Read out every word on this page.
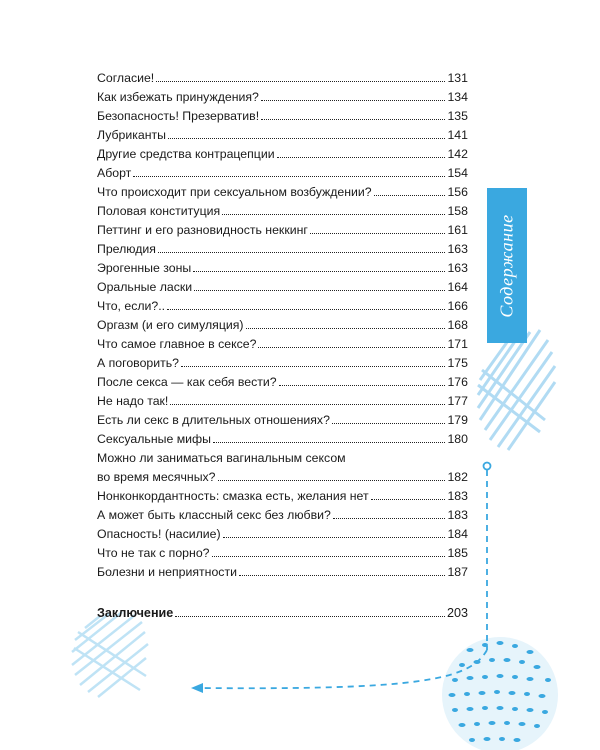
Содержание
Согласие!	131
Как избежать принуждения?	134
Безопасность! Презерватив!	135
Лубриканты	141
Другие средства контрацепции	142
Аборт	154
Что происходит при сексуальном возбуждении?	156
Половая конституция	158
Петтинг и его разновидность неккинг	161
Прелюдия	163
Эрогенные зоны	163
Оральные ласки	164
Что, если?..	166
Оргазм (и его симуляция)	168
Что самое главное в сексе?	171
А поговорить?	175
После секса — как себя вести?	176
Не надо так!	177
Есть ли секс в длительных отношениях?	179
Сексуальные мифы	180
Можно ли заниматься вагинальным сексом
во время месячных?	182
Нонконкордантность: смазка есть, желания нет	183
А может быть классный секс без любви?	183
Опасность! (насилие)	184
Что не так с порно?	185
Болезни и неприятности	187
Заключение	203
